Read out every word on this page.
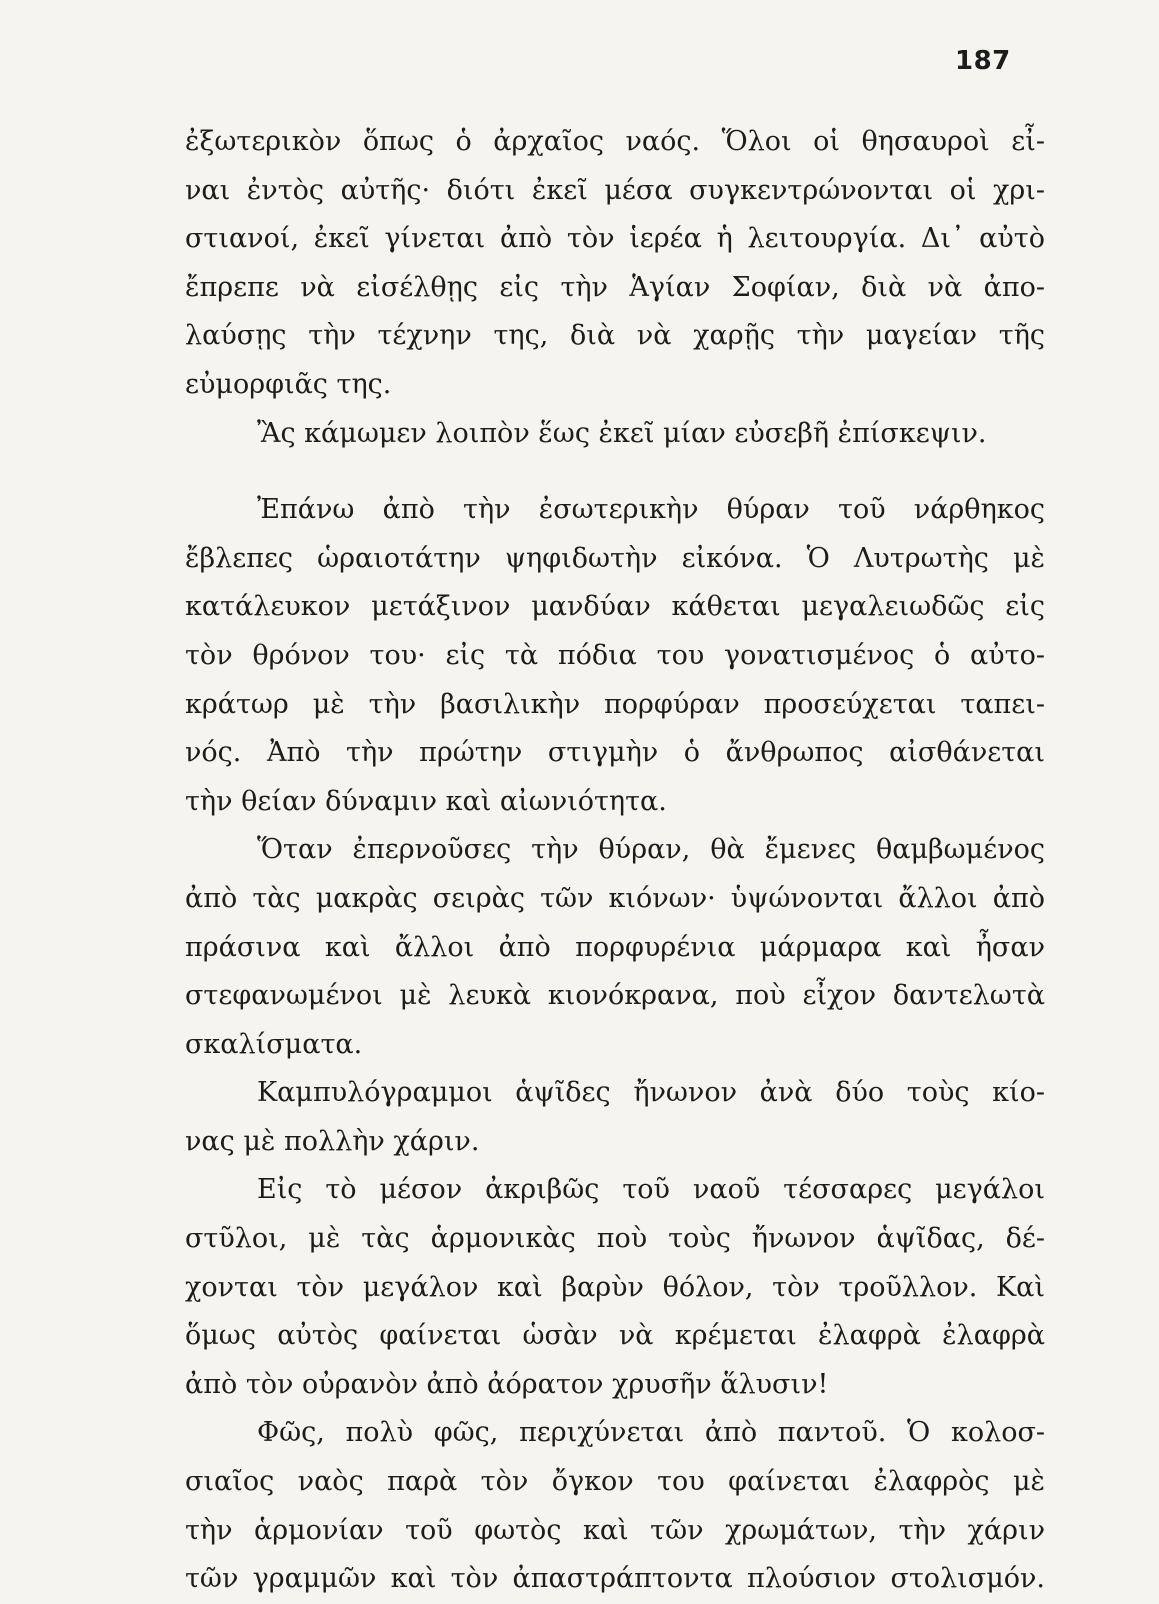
187
ἐξωτερικὸν ὅπως ὁ ἀρχαῖος ναός. Ὅλοι οἱ θησαυροὶ εἶ-
ναι ἐντὸς αὐτῆς· διότι ἐκεῖ μέσα συγκεντρώνονται οἱ χρι-
στιανοί, ἐκεῖ γίνεται ἀπὸ τὸν ἱερέα ἡ λειτουργία. Δι᾿ αὐτὸ
ἔπρεπε νὰ εἰσέλθῃς εἰς τὴν Ἁγίαν Σοφίαν, διὰ νὰ ἀπο-
λαύσῃς τὴν τέχνην της, διὰ νὰ χαρῇς τὴν μαγείαν τῆς
εὐμορφιᾶς της.
Ἂς κάμωμεν λοιπὸν ἕως ἐκεῖ μίαν εὐσεβῆ ἐπίσκεψιν.
Ἐπάνω ἀπὸ τὴν ἐσωτερικὴν θύραν τοῦ νάρθηκος
ἔβλεπες ὡραιοτάτην ψηφιδωτὴν εἰκόνα. Ὁ Λυτρωτὴς μὲ
κατάλευκον μετάξινον μανδύαν κάθεται μεγαλειωδῶς εἰς
τὸν θρόνον του· εἰς τὰ πόδια του γονατισμένος ὁ αὐτο-
κράτωρ μὲ τὴν βασιλικὴν πορφύραν προσεύχεται ταπει-
νός. Ἀπὸ τὴν πρώτην στιγμὴν ὁ ἄνθρωπος αἰσθάνεται
τὴν θείαν δύναμιν καὶ αἰωνιότητα.
Ὅταν ἐπερνοῦσες τὴν θύραν, θὰ ἔμενες θαμβωμένος
ἀπὸ τὰς μακρὰς σειρὰς τῶν κιόνων· ὑψώνονται ἄλλοι ἀπὸ
πράσινα καὶ ἄλλοι ἀπὸ πορφυρένια μάρμαρα καὶ ἦσαν
στεφανωμένοι μὲ λευκὰ κιονόκρανα, ποὺ εἶχον δαντελωτὰ
σκαλίσματα.
Καμπυλόγραμμοι ἁψῖδες ἤνωνον ἀνὰ δύο τοὺς κίο-
νας μὲ πολλὴν χάριν.
Εἰς τὸ μέσον ἀκριβῶς τοῦ ναοῦ τέσσαρες μεγάλοι
στῦλοι, μὲ τὰς ἁρμονικὰς ποὺ τοὺς ἤνωνον ἁψῖδας, δέ-
χονται τὸν μεγάλον καὶ βαρὺν θόλον, τὸν τροῦλλον. Καὶ
ὅμως αὐτὸς φαίνεται ὡσὰν νὰ κρέμεται ἐλαφρὰ ἐλαφρὰ
ἀπὸ τὸν οὐρανὸν ἀπὸ ἀόρατον χρυσῆν ἅλυσιν!
Φῶς, πολὺ φῶς, περιχύνεται ἀπὸ παντοῦ. Ὁ κολοσ-
σιαῖος ναὸς παρὰ τὸν ὄγκον του φαίνεται ἐλαφρὸς μὲ
τὴν ἁρμονίαν τοῦ φωτὸς καὶ τῶν χρωμάτων, τὴν χάριν
τῶν γραμμῶν καὶ τὸν ἀπαστράπτοντα πλούσιον στολισμόν.
